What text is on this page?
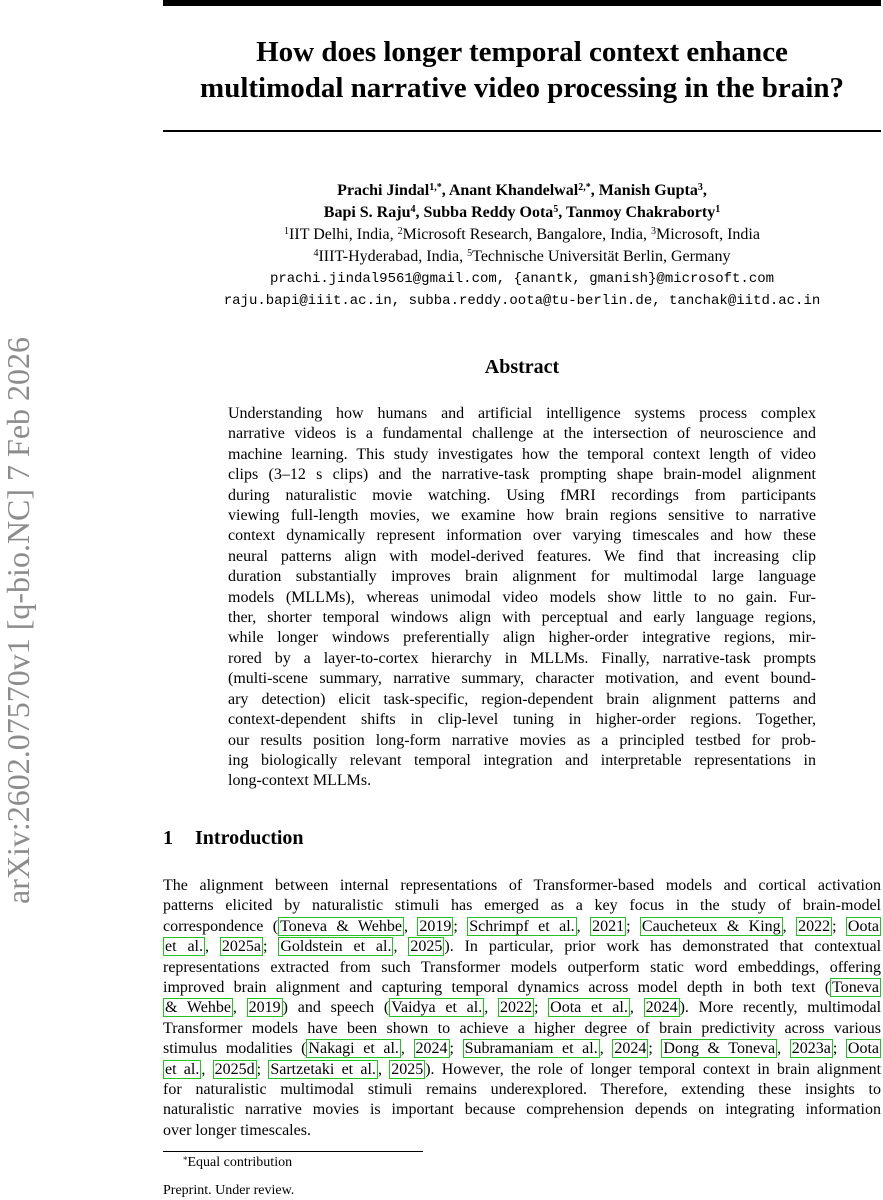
arXiv:2602.07570v1 [q-bio.NC] 7 Feb 2026
How does longer temporal context enhance
multimodal narrative video processing in the brain?
Prachi Jindal$^{1,*}$, Anant Khandelwal$^{2,*}$, Manish Gupta$^3$,
Bapi S. Raju$^4$, Subba Reddy Oota$^5$, Tanmoy Chakraborty$^1$
$^1$IIT Delhi, India, $^2$Microsoft Research, Bangalore, India, $^3$Microsoft, India
$^4$IIIT-Hyderabad, India, $^5$Technische Universität Berlin, Germany
prachi.jindal9561@gmail.com, {anantk, gmanish}@microsoft.com
raju.bapi@iiit.ac.in, subba.reddy.oota@tu-berlin.de, tanchak@iitd.ac.in
Abstract
Understanding how humans and artificial intelligence systems process complex
narrative videos is a fundamental challenge at the intersection of neuroscience and
machine learning. This study investigates how the temporal context length of video
clips (3–12 s clips) and the narrative-task prompting shape brain-model alignment
during naturalistic movie watching. Using fMRI recordings from participants
viewing full-length movies, we examine how brain regions sensitive to narrative
context dynamically represent information over varying timescales and how these
neural patterns align with model-derived features. We find that increasing clip
duration substantially improves brain alignment for multimodal large language
models (MLLMs), whereas unimodal video models show little to no gain. Fur-
ther, shorter temporal windows align with perceptual and early language regions,
while longer windows preferentially align higher-order integrative regions, mir-
rored by a layer-to-cortex hierarchy in MLLMs. Finally, narrative-task prompts
(multi-scene summary, narrative summary, character motivation, and event bound-
ary detection) elicit task-specific, region-dependent brain alignment patterns and
context-dependent shifts in clip-level tuning in higher-order regions. Together,
our results position long-form narrative movies as a principled testbed for prob-
ing biologically relevant temporal integration and interpretable representations in
long-context MLLMs.
1 Introduction
The alignment between internal representations of Transformer-based models and cortical activation
patterns elicited by naturalistic stimuli has emerged as a key focus in the study of brain-model
correspondence ( Toneva & Wehbe , 2019 ; Schrimpf et al. , 2021 ; Caucheteux & King , 2022 ; Oota
et al. , 2025a ; Goldstein et al. , 2025 ). In particular, prior work has demonstrated that contextual
representations extracted from such Transformer models outperform static word embeddings, offering
improved brain alignment and capturing temporal dynamics across model depth in both text ( Toneva
& Wehbe , 2019 ) and speech ( Vaidya et al. , 2022 ; Oota et al. , 2024 ). More recently, multimodal
Transformer models have been shown to achieve a higher degree of brain predictivity across various
stimulus modalities ( Nakagi et al. , 2024 ; Subramaniam et al. , 2024 ; Dong & Toneva , 2023a ; Oota
et al. , 2025d ; Sartzetaki et al. , 2025 ). However, the role of longer temporal context in brain alignment
for naturalistic multimodal stimuli remains underexplored. Therefore, extending these insights to
naturalistic narrative movies is important because comprehension depends on integrating information
over longer timescales.
*Equal contribution
Preprint. Under review.
